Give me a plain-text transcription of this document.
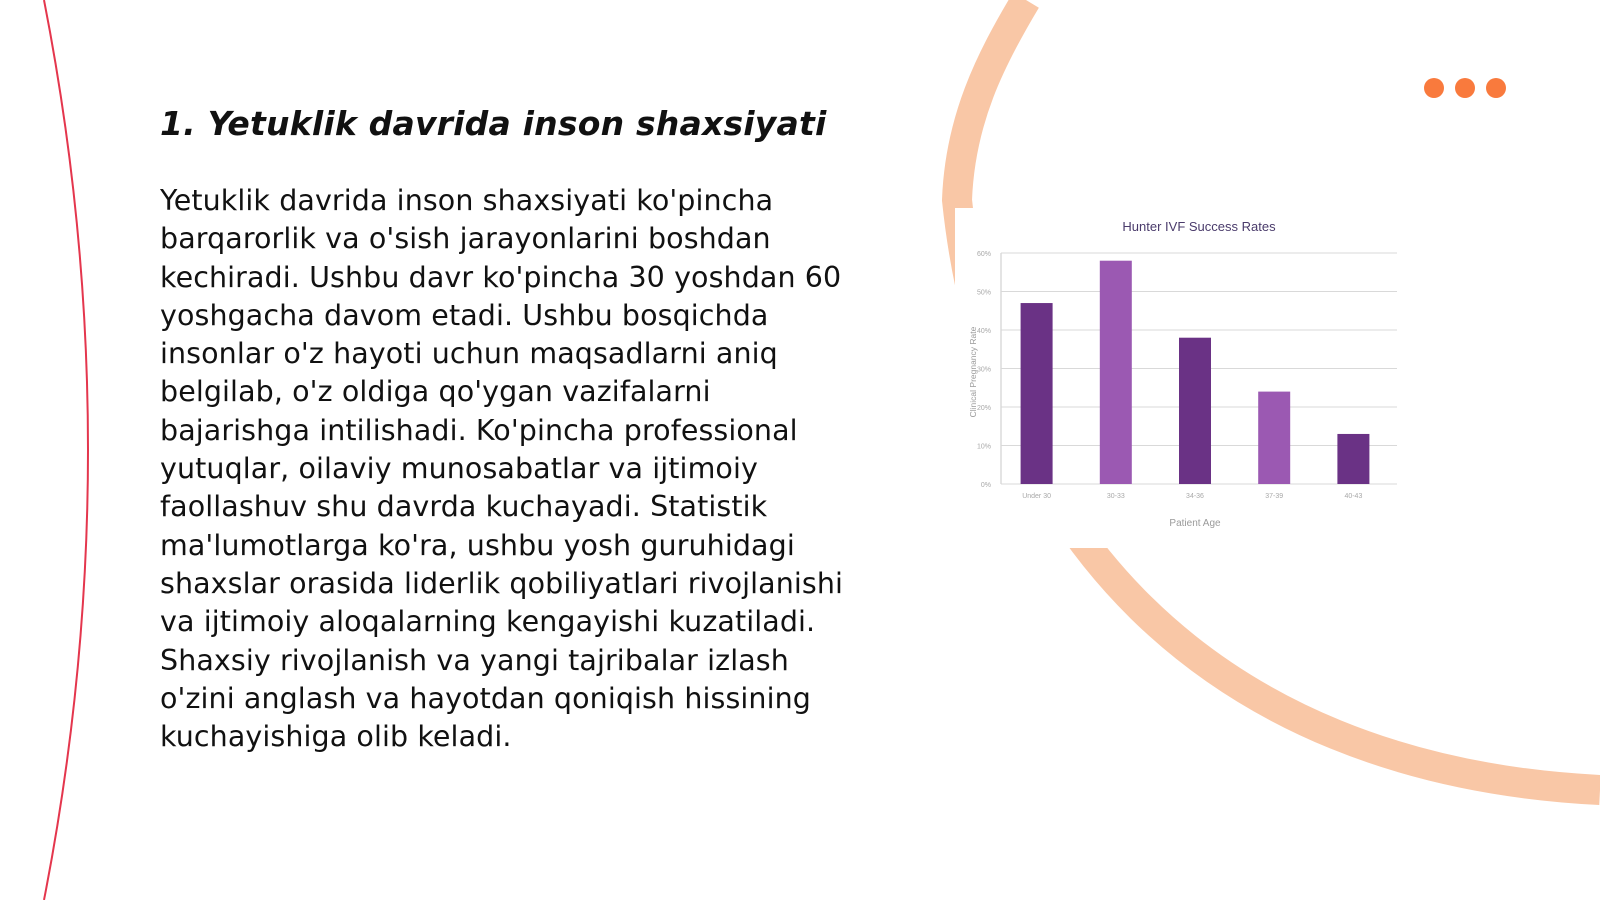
1. Yetuklik davrida inson shaxsiyati

Yetuklik davrida inson shaxsiyati ko'pincha barqarorlik va o'sish jarayonlarini boshdan kechiradi. Ushbu davr ko'pincha 30 yoshdan 60 yoshgacha davom etadi. Ushbu bosqichda insonlar o'z hayoti uchun maqsadlarni aniq belgilab, o'z oldiga qo'ygan vazifalarni bajarishga intilishadi. Ko'pincha professional yutuqlar, oilaviy munosabatlar va ijtimoiy faollashuv shu davrda kuchayadi. Statistik ma'lumotlarga ko'ra, ushbu yosh guruhidagi shaxslar orasida liderlik qobiliyatlari rivojlanishi va ijtimoiy aloqalarning kengayishi kuzatiladi. Shaxsiy rivojlanish va yangi tajribalar izlash o'zini anglash va hayotdan qoniqish hissining kuchayishiga olib keladi.

Hunter IVF Success Rates
Patient Age
Clinical Pregnancy Rate
0%
10%
20%
30%
40%
50%
60%
Under 30	30-33	34-36	37-39	40-43
